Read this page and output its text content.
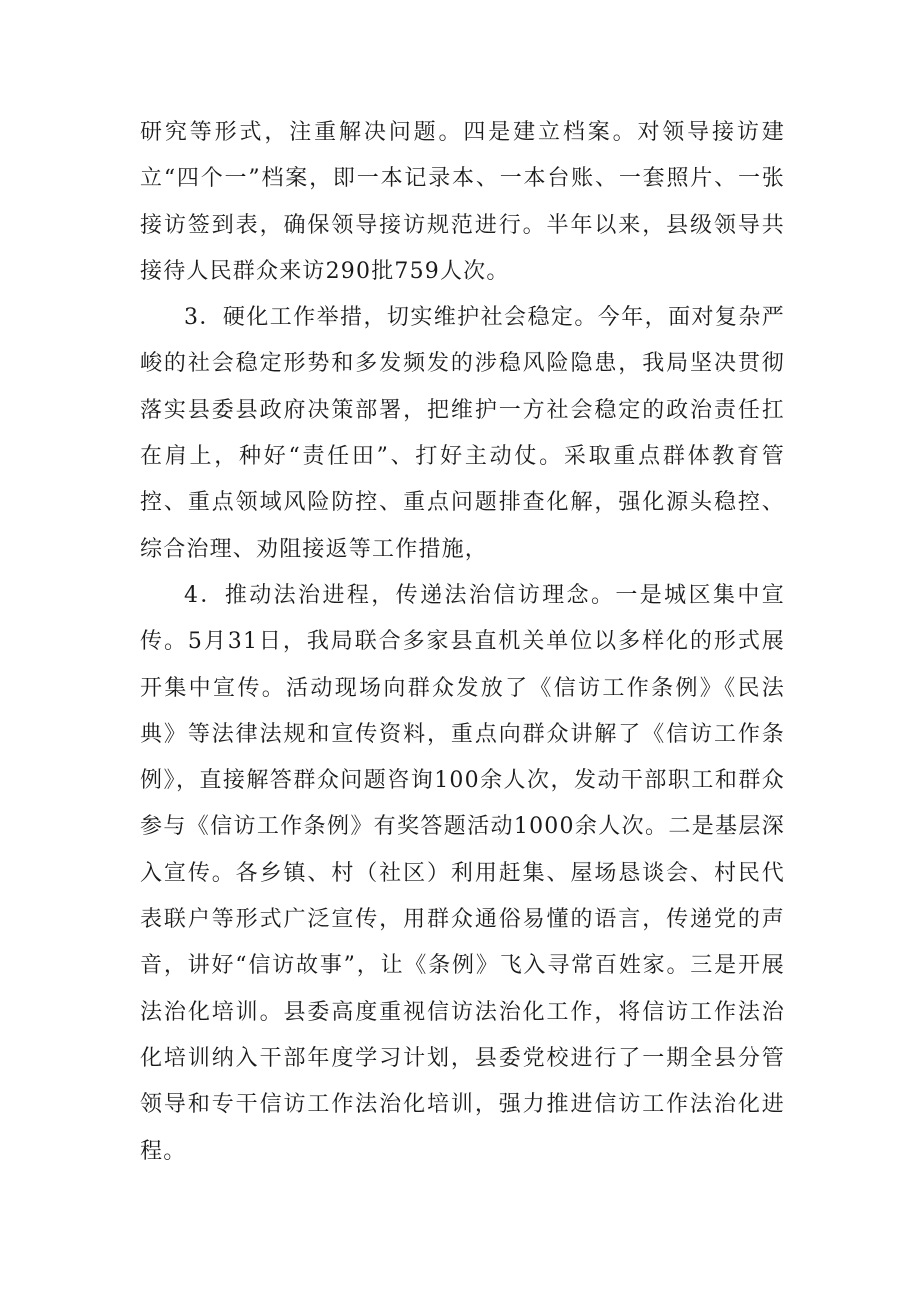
研究等形式，注重解决问题。四是建立档案。对领导接访建立“四个一”档案，即一本记录本、一本台账、一套照片、一张接访签到表，确保领导接访规范进行。半年以来，县级领导共接待人民群众来访290批759人次。

3．硬化工作举措，切实维护社会稳定。今年，面对复杂严峻的社会稳定形势和多发频发的涉稳风险隐患，我局坚决贯彻落实县委县政府决策部署，把维护一方社会稳定的政治责任扛在肩上，种好“责任田”、打好主动仗。采取重点群体教育管控、重点领域风险防控、重点问题排查化解，强化源头稳控、综合治理、劝阻接返等工作措施，

4．推动法治进程，传递法治信访理念。一是城区集中宣传。5月31日，我局联合多家县直机关单位以多样化的形式展开集中宣传。活动现场向群众发放了《信访工作条例》《民法典》等法律法规和宣传资料，重点向群众讲解了《信访工作条例》，直接解答群众问题咨询100余人次，发动干部职工和群众参与《信访工作条例》有奖答题活动1000余人次。二是基层深入宣传。各乡镇、村（社区）利用赶集、屋场恳谈会、村民代表联户等形式广泛宣传，用群众通俗易懂的语言，传递党的声音，讲好“信访故事”，让《条例》飞入寻常百姓家。三是开展法治化培训。县委高度重视信访法治化工作，将信访工作法治化培训纳入干部年度学习计划，县委党校进行了一期全县分管领导和专干信访工作法治化培训，强力推进信访工作法治化进程。
